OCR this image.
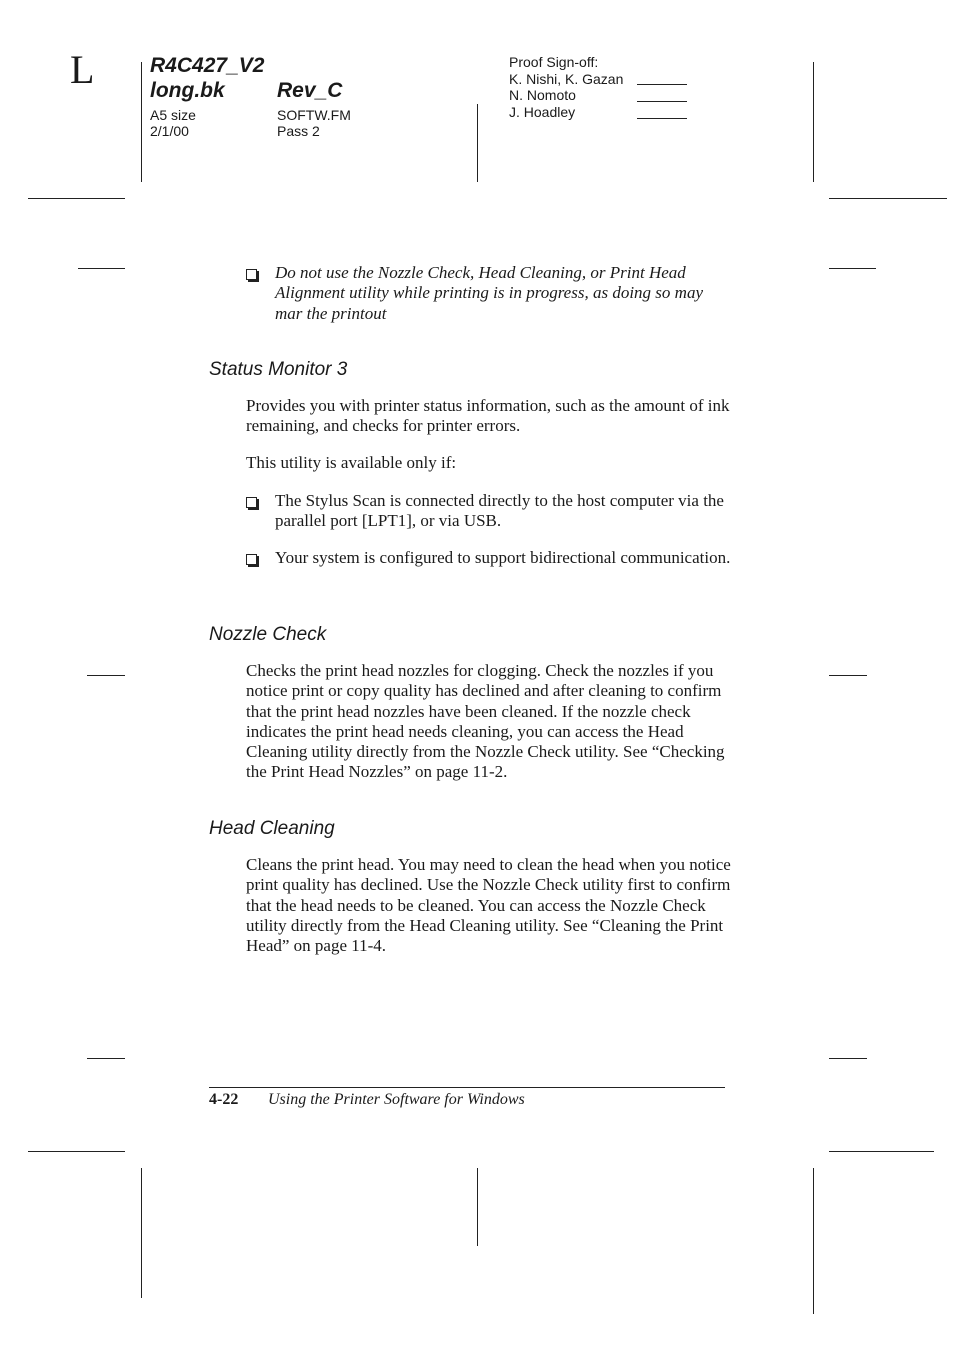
L	R4C427_V2
long.bk Rev_C
A5 size
2/1/00
SOFTW.FM
Pass 2
Proof Sign-off:
K. Nishi, K. Gazan
N. Nomoto
J. Hoadley
Do not use the Nozzle Check, Head Cleaning, or Print Head Alignment utility while printing is in progress, as doing so may mar the printout
Status Monitor 3
Provides you with printer status information, such as the amount of ink remaining, and checks for printer errors.
This utility is available only if:
The Stylus Scan is connected directly to the host computer via the parallel port [LPT1], or via USB.
Your system is configured to support bidirectional communication.
Nozzle Check
Checks the print head nozzles for clogging. Check the nozzles if you notice print or copy quality has declined and after cleaning to confirm that the print head nozzles have been cleaned. If the nozzle check indicates the print head needs cleaning, you can access the Head Cleaning utility directly from the Nozzle Check utility. See “Checking the Print Head Nozzles” on page 11-2.
Head Cleaning
Cleans the print head. You may need to clean the head when you notice print quality has declined. Use the Nozzle Check utility first to confirm that the head needs to be cleaned. You can access the Nozzle Check utility directly from the Head Cleaning utility. See “Cleaning the Print Head” on page 11-4.
4-22 Using the Printer Software for Windows
